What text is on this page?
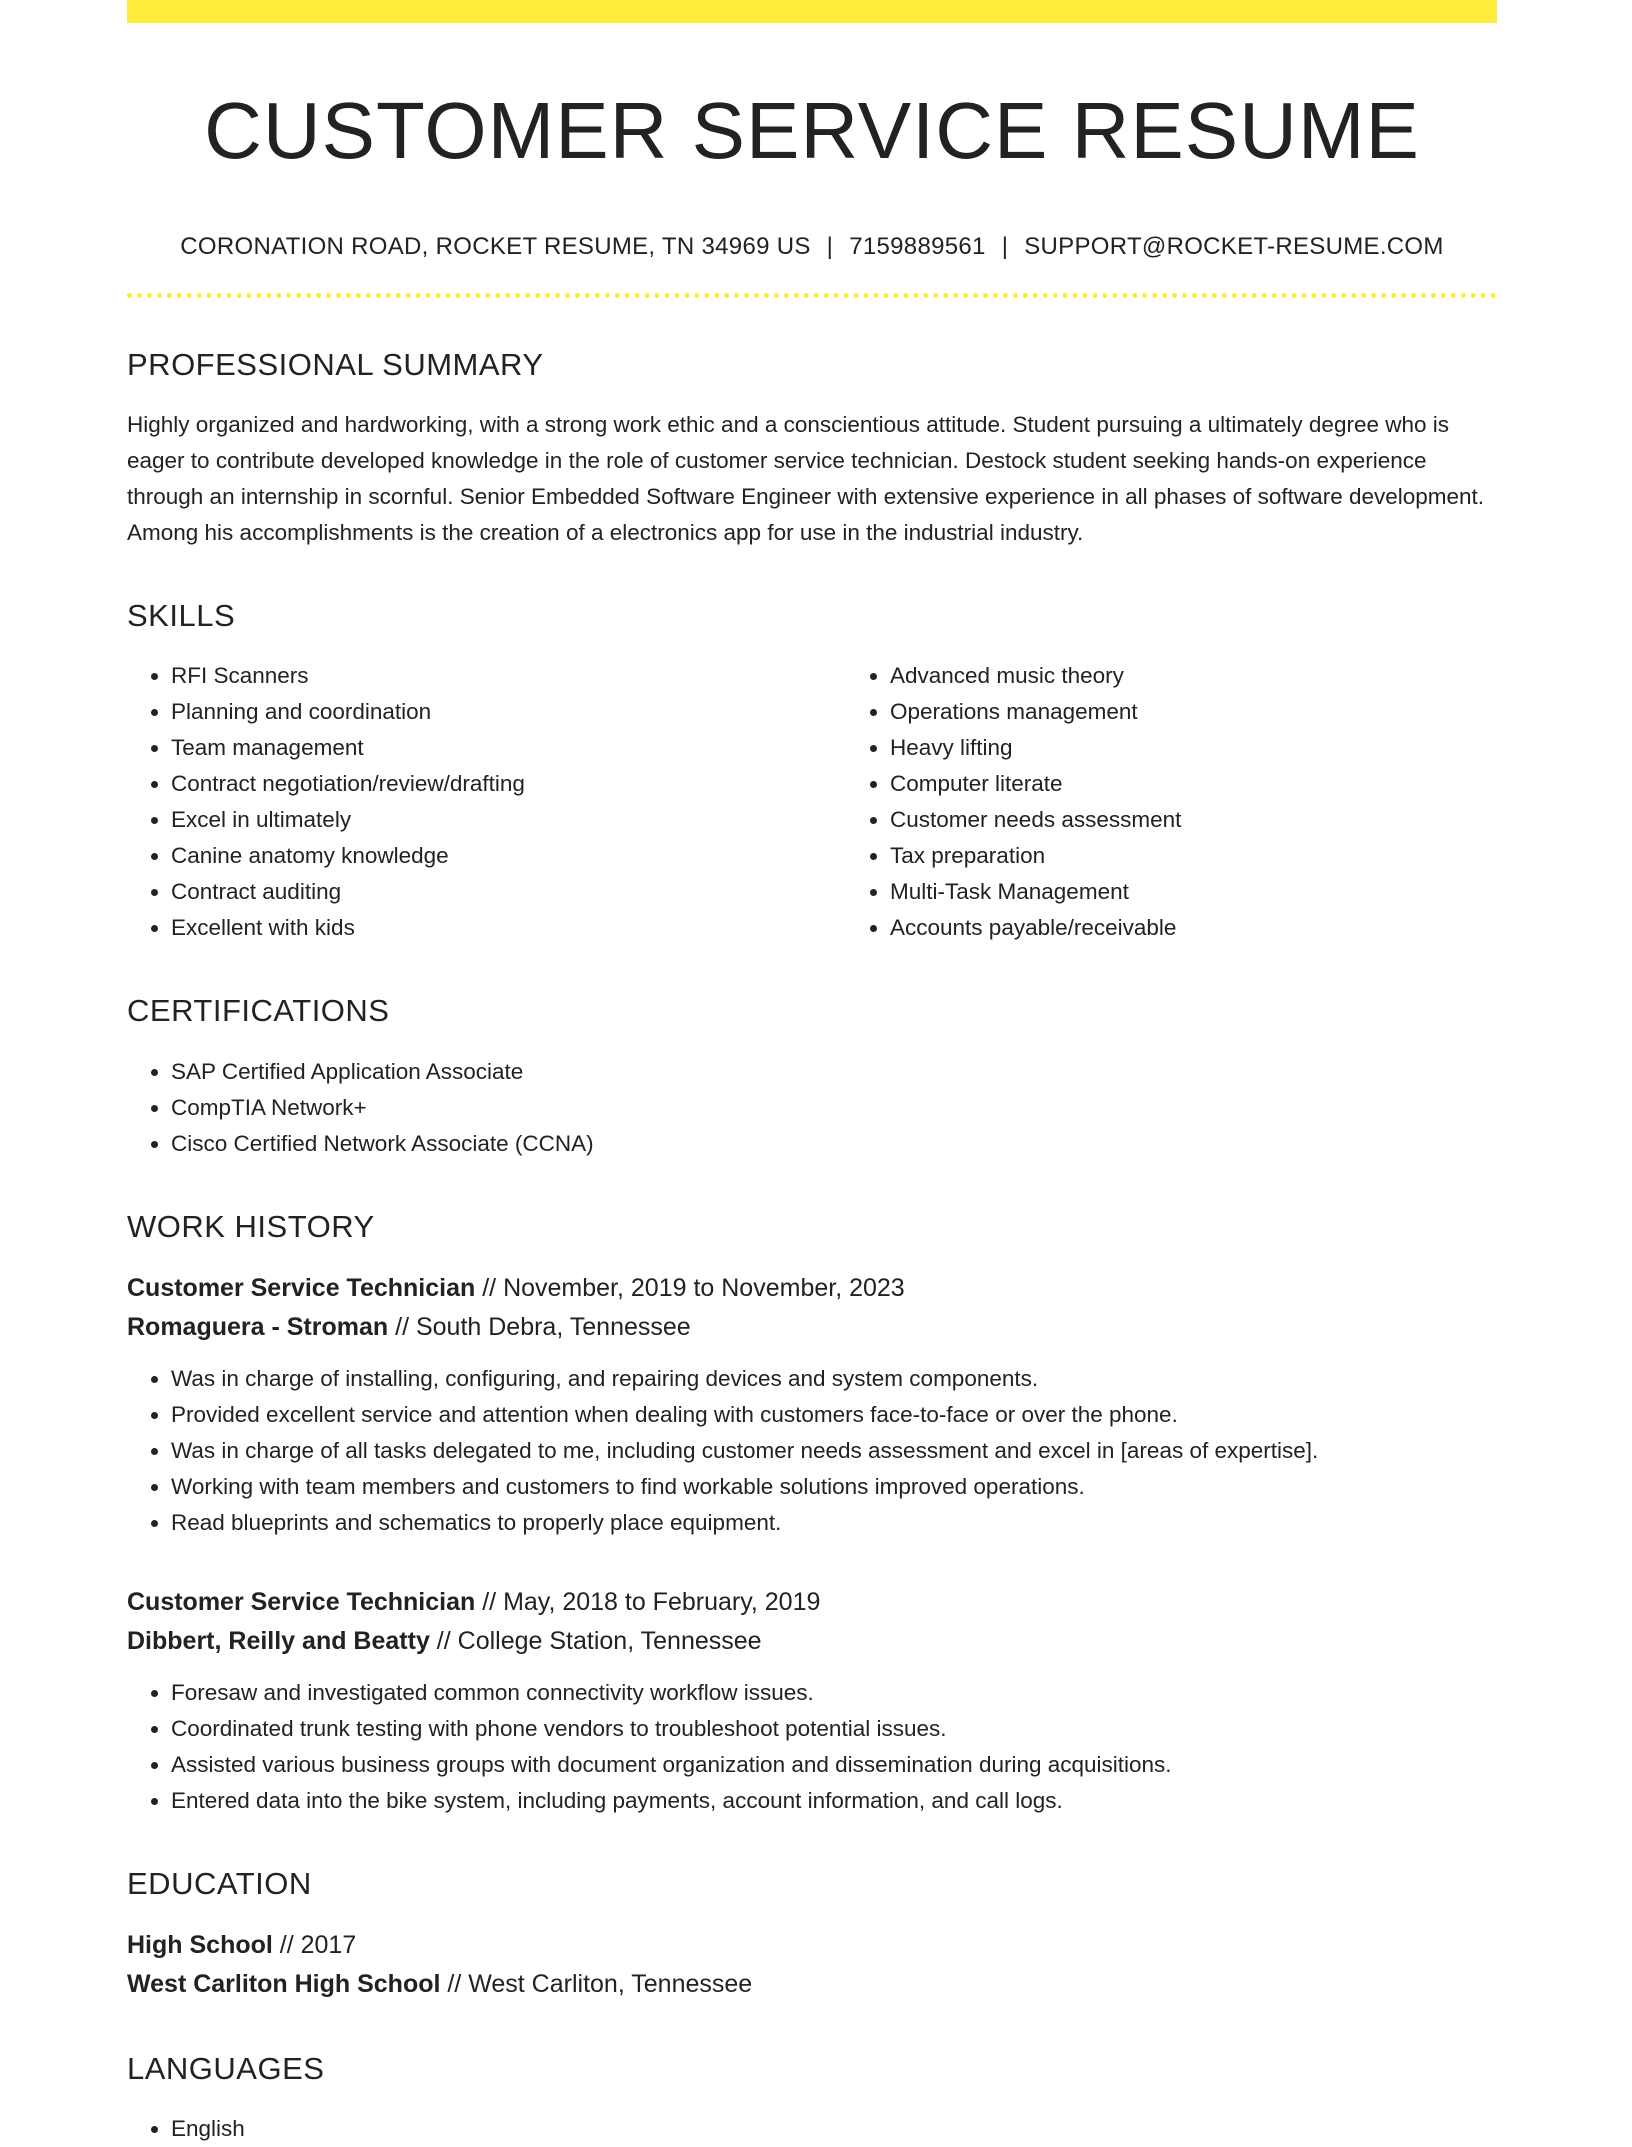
CUSTOMER SERVICE RESUME
CORONATION ROAD, ROCKET RESUME, TN 34969 US | 7159889561 | SUPPORT@ROCKET-RESUME.COM
PROFESSIONAL SUMMARY

Highly organized and hardworking, with a strong work ethic and a conscientious attitude. Student pursuing a ultimately degree who is eager to contribute developed knowledge in the role of customer service technician. Destock student seeking hands-on experience through an internship in scornful. Senior Embedded Software Engineer with extensive experience in all phases of software development. Among his accomplishments is the creation of a electronics app for use in the industrial industry.

SKILLS
• RFI Scanners
• Planning and coordination
• Team management
• Contract negotiation/review/drafting
• Excel in ultimately
• Canine anatomy knowledge
• Contract auditing
• Excellent with kids
• Advanced music theory
• Operations management
• Heavy lifting
• Computer literate
• Customer needs assessment
• Tax preparation
• Multi-Task Management
• Accounts payable/receivable
CERTIFICATIONS
• SAP Certified Application Associate
• CompTIA Network+
• Cisco Certified Network Associate (CCNA)
WORK HISTORY
Customer Service Technician // November, 2019 to November, 2023
Romaguera - Stroman // South Debra, Tennessee
• Was in charge of installing, configuring, and repairing devices and system components.
• Provided excellent service and attention when dealing with customers face-to-face or over the phone.
• Was in charge of all tasks delegated to me, including customer needs assessment and excel in [areas of expertise].
• Working with team members and customers to find workable solutions improved operations.
• Read blueprints and schematics to properly place equipment.
Customer Service Technician // May, 2018 to February, 2019
Dibbert, Reilly and Beatty // College Station, Tennessee
• Foresaw and investigated common connectivity workflow issues.
• Coordinated trunk testing with phone vendors to troubleshoot potential issues.
• Assisted various business groups with document organization and dissemination during acquisitions.
• Entered data into the bike system, including payments, account information, and call logs.
EDUCATION
High School // 2017
West Carliton High School // West Carliton, Tennessee
LANGUAGES
• English
